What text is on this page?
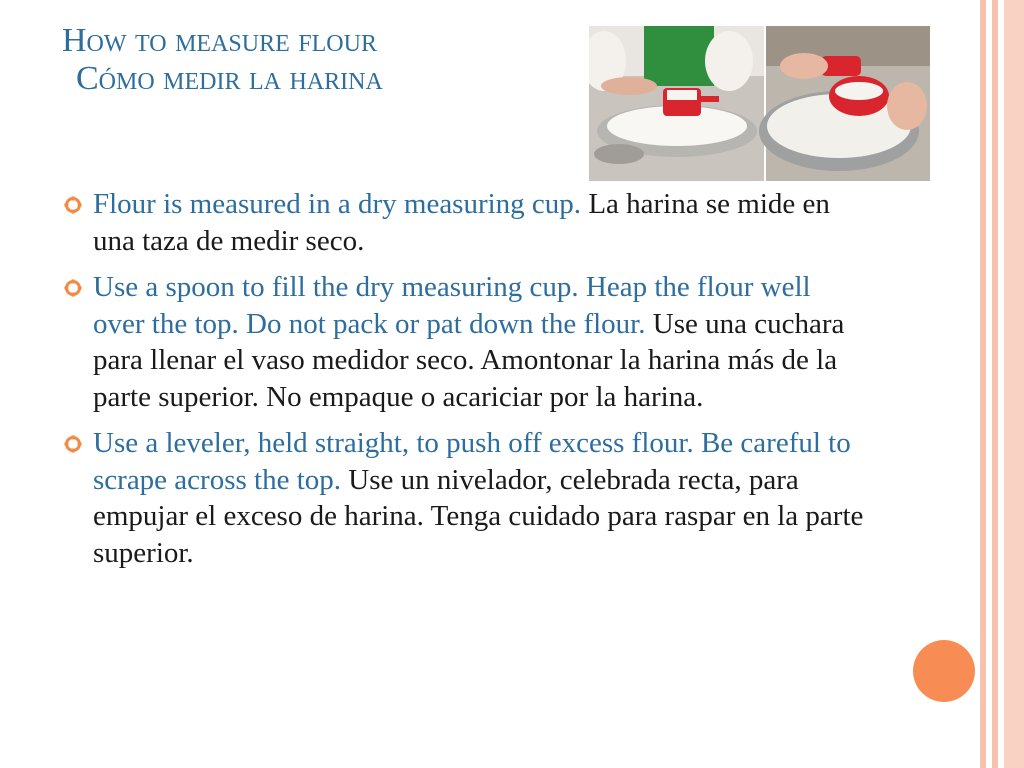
How to measure flour
Cómo medir la harina
Flour is measured in a dry measuring cup. La harina se mide en una taza de medir seco.
Use a spoon to fill the dry measuring cup. Heap the flour well over the top. Do not pack or pat down the flour. Use una cuchara para llenar el vaso medidor seco. Amontonar la harina más de la parte superior. No empaque o acariciar por la harina.
Use a leveler, held straight, to push off excess flour. Be careful to scrape across the top. Use un nivelador, celebrada recta, para empujar el exceso de harina. Tenga cuidado para raspar en la parte superior.
